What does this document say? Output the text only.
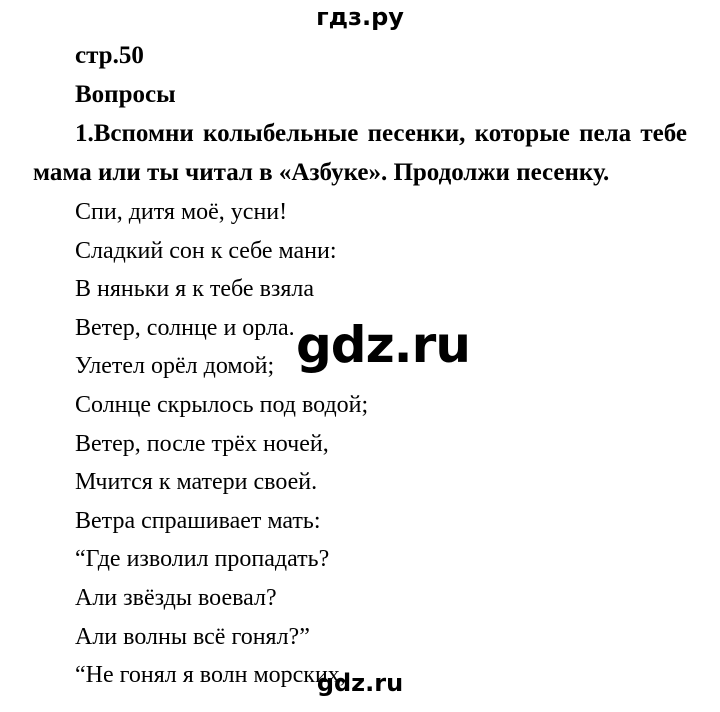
гдз.ру
стр.50
Вопросы
1.Вспомни колыбельные песенки, которые пела тебе
мама или ты читал в «Азбуке». Продолжи песенку.
Спи, дитя моё, усни!
Сладкий сон к себе мани:
В няньки я к тебе взяла
Ветер, солнце и орла.
Улетел орёл домой;
Солнце скрылось под водой;
Ветер, после трёх ночей,
Мчится к матери своей.
Ветра спрашивает мать:
“Где изволил пропадать?
Али звёзды воевал?
Али волны всё гонял?”
“Не гонял я волн морских,
gdz.ru
gdz.ru
